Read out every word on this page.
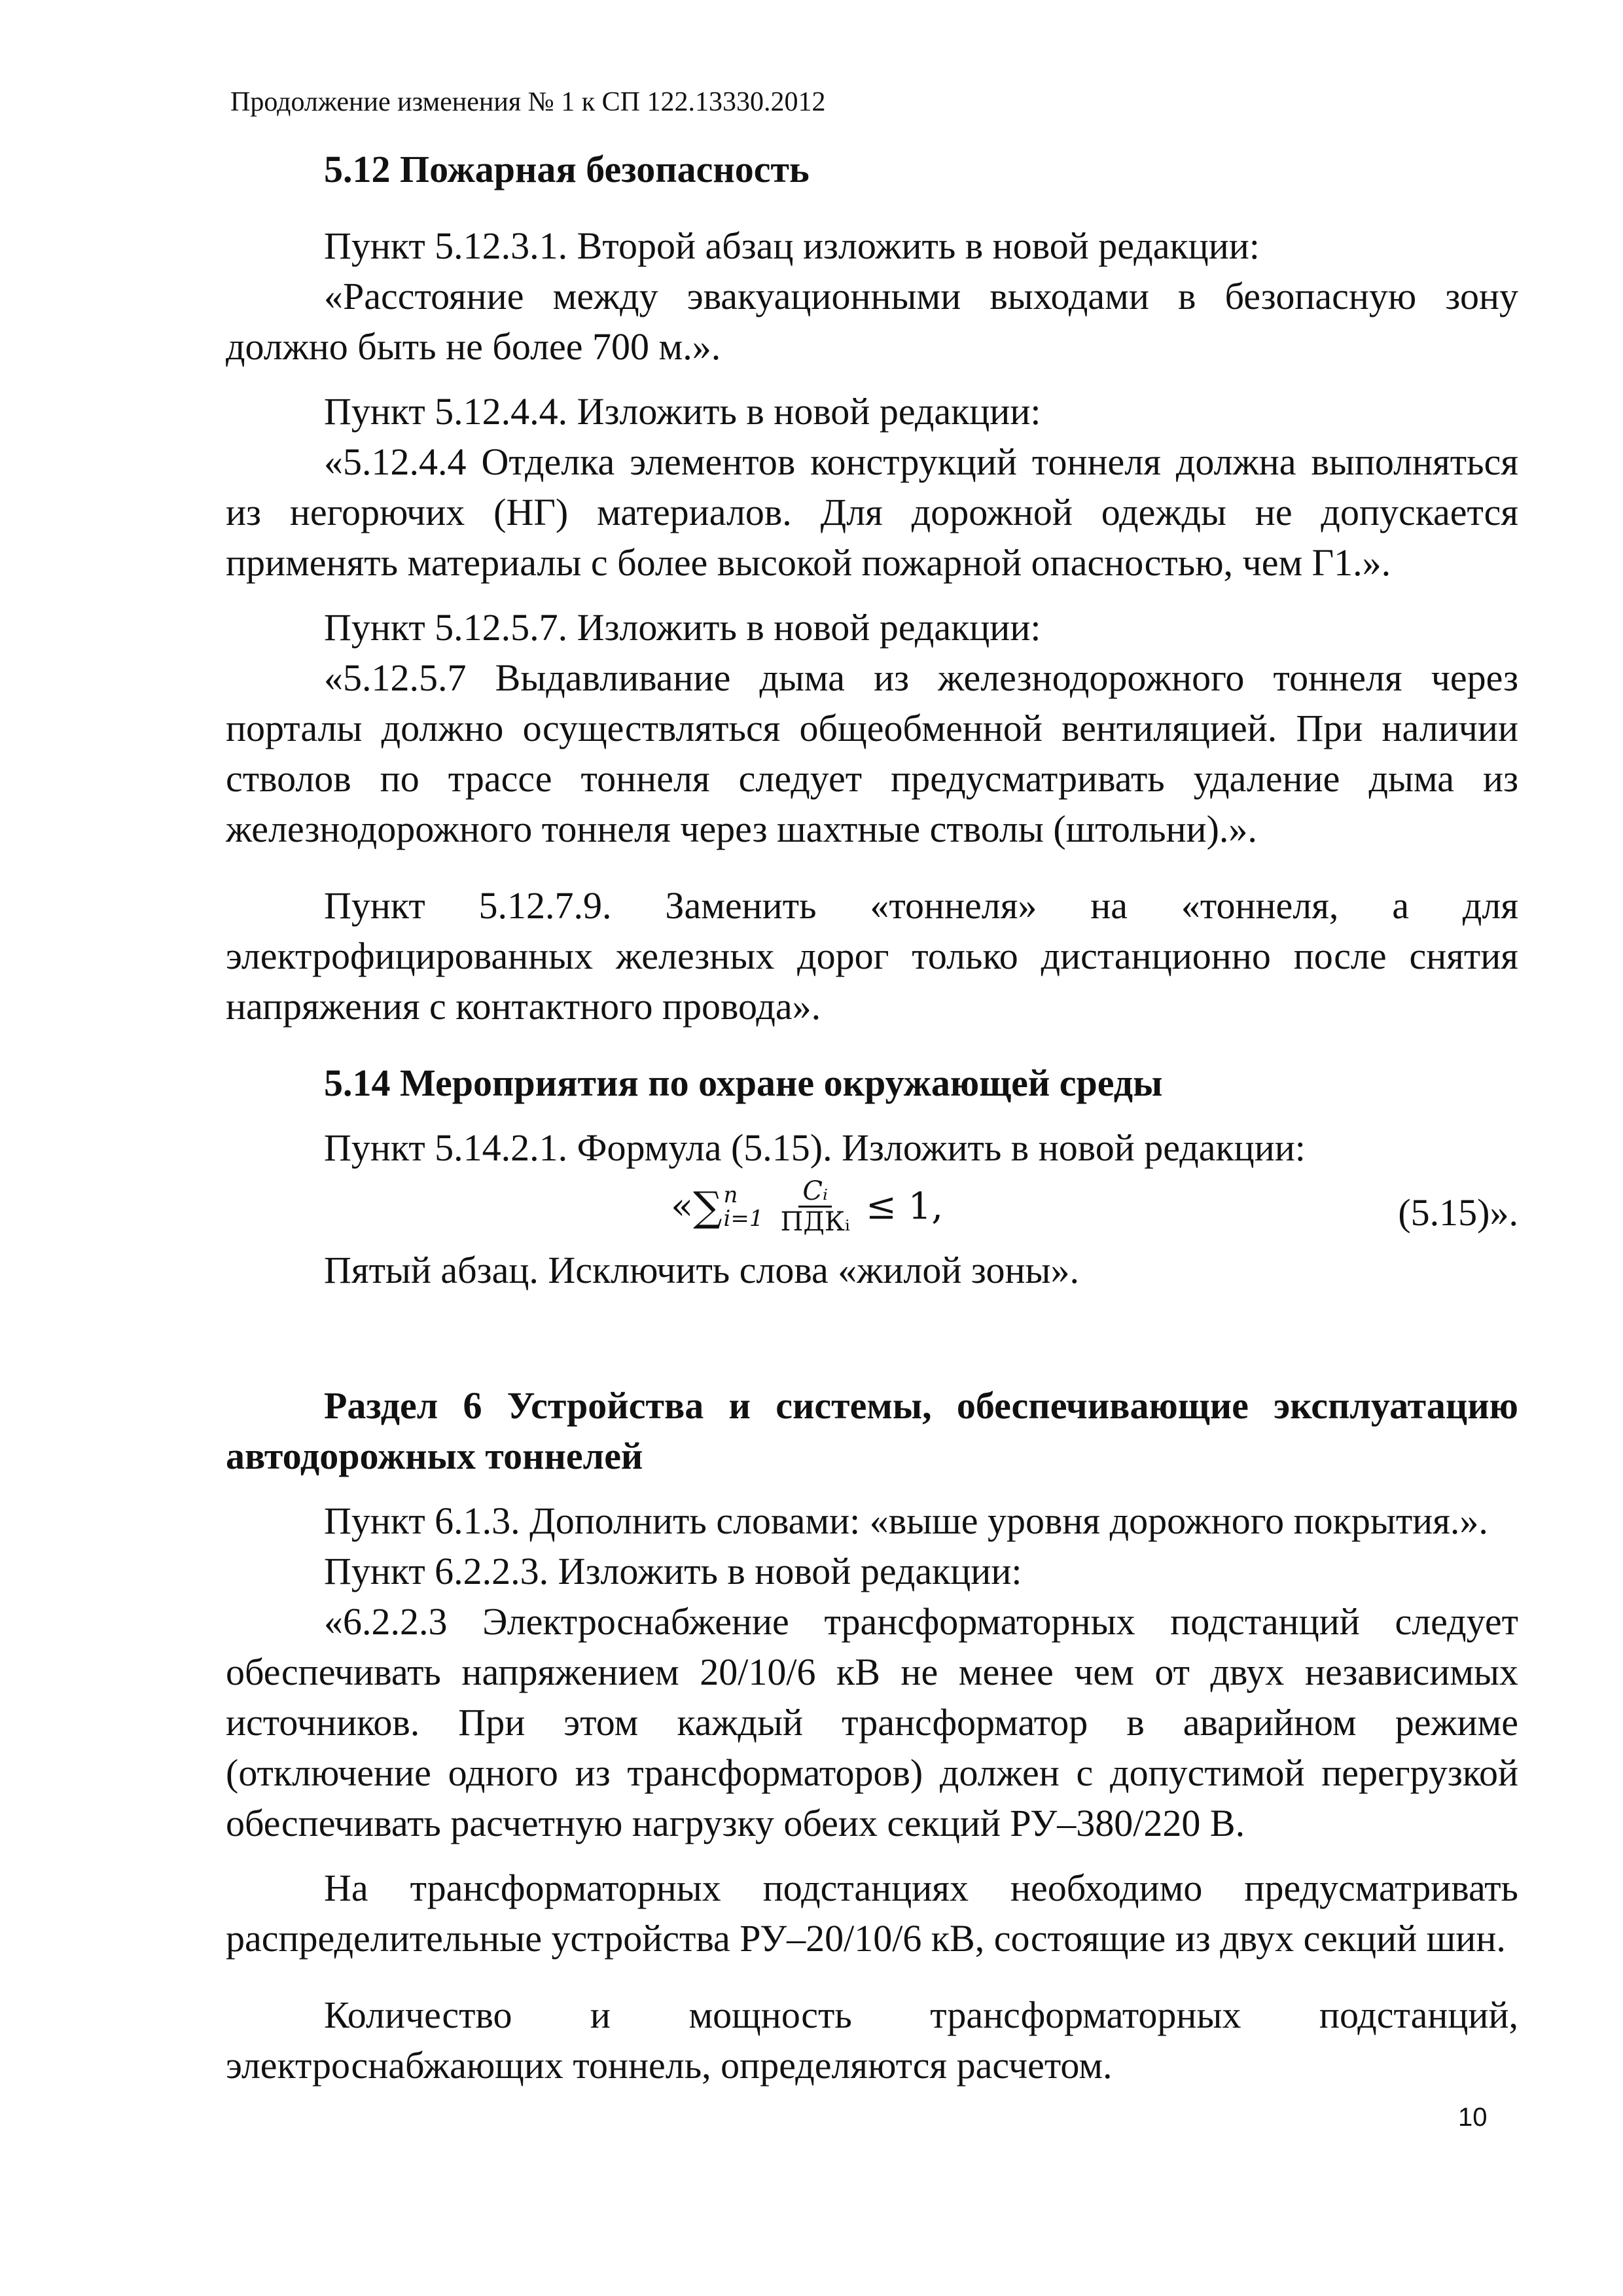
Продолжение изменения № 1 к СП 122.13330.2012

5.12 Пожарная безопасность

Пункт 5.12.3.1. Второй абзац изложить в новой редакции:

«Расстояние между эвакуационными выходами в безопасную зону должно быть не более 700 м.».

Пункт 5.12.4.4. Изложить в новой редакции:

«5.12.4.4 Отделка элементов конструкций тоннеля должна выполняться из негорючих (НГ) материалов. Для дорожной одежды не допускается применять материалы с более высокой пожарной опасностью, чем Г1.».

Пункт 5.12.5.7. Изложить в новой редакции:

«5.12.5.7 Выдавливание дыма из железнодорожного тоннеля через порталы должно осуществляться общеобменной вентиляцией. При наличии стволов по трассе тоннеля следует предусматривать удаление дыма из железнодорожного тоннеля через шахтные стволы (штольни).».

Пункт 5.12.7.9. Заменить «тоннеля» на «тоннеля, а для электрофицированных железных дорог только дистанционно после снятия напряжения с контактного провода».

5.14 Мероприятия по охране окружающей среды

Пункт 5.14.2.1. Формула (5.15). Изложить в новой редакции:

« ∑ n
$i=1 \frac{\text{Cᵢ}}{\text{ПДКᵢ}} \le 1$,	(5.15)».

Пятый абзац. Исключить слова «жилой зоны».

Раздел 6 Устройства и системы, обеспечивающие эксплуатацию автодорожных тоннелей

Пункт 6.1.3. Дополнить словами: «выше уровня дорожного покрытия.».

Пункт 6.2.2.3. Изложить в новой редакции:

«6.2.2.3 Электроснабжение трансформаторных подстанций следует обеспечивать напряжением 20/10/6 кВ не менее чем от двух независимых источников. При этом каждый трансформатор в аварийном режиме (отключение одного из трансформаторов) должен с допустимой перегрузкой обеспечивать расчетную нагрузку обеих секций РУ–380/220 В.

На трансформаторных подстанциях необходимо предусматривать распределительные устройства РУ–20/10/6 кВ, состоящие из двух секций шин.

Количество и мощность трансформаторных подстанций, электроснабжающих тоннель, определяются расчетом.

10
